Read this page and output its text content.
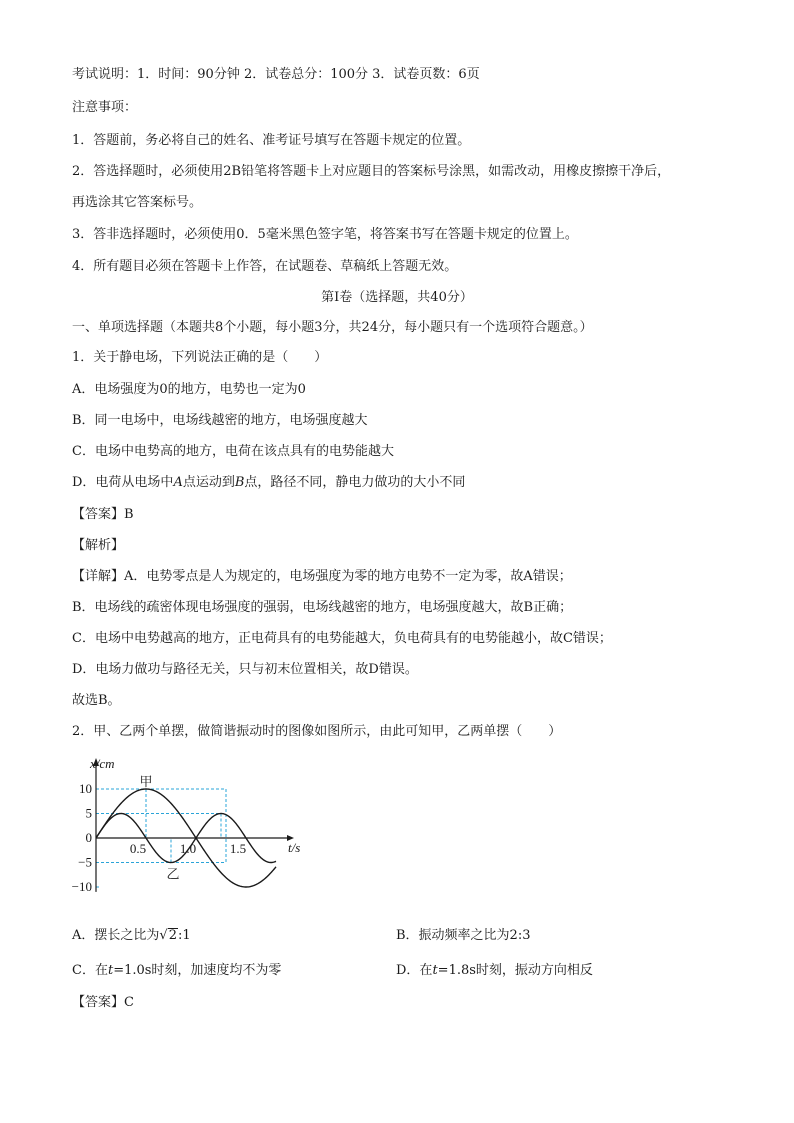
考试说明：1．时间：90分钟 2．试卷总分：100分 3．试卷页数：6页
注意事项：
1．答题前，务必将自己的姓名、准考证号填写在答题卡规定的位置。
2．答选择题时，必须使用2B铅笔将答题卡上对应题目的答案标号涂黑，如需改动，用橡皮擦擦干净后，
再选涂其它答案标号。
3．答非选择题时，必须使用0．5毫米黑色签字笔，将答案书写在答题卡规定的位置上。
4．所有题目必须在答题卡上作答，在试题卷、草稿纸上答题无效。
第Ⅰ卷（选择题，共40分）
一、单项选择题（本题共8个小题，每小题3分，共24分，每小题只有一个选项符合题意。）
1．关于静电场，下列说法正确的是（　　）
A．电场强度为0的地方，电势也一定为0
B．同一电场中，电场线越密的地方，电场强度越大
C．电场中电势高的地方，电荷在该点具有的电势能越大
D．电荷从电场中A点运动到B点，路径不同，静电力做功的大小不同
【答案】B
【解析】
【详解】A．电势零点是人为规定的，电场强度为零的地方电势不一定为零，故A错误；
B．电场线的疏密体现电场强度的强弱，电场线越密的地方，电场强度越大，故B正确；
C．电场中电势越高的地方，正电荷具有的电势能越大，负电荷具有的电势能越小，故C错误；
D．电场力做功与路径无关，只与初末位置相关，故D错误。
故选B。
2．甲、乙两个单摆，做简谐振动时的图像如图所示，由此可知甲，乙两单摆（　　）
x/cm
t/s
10
5
0
−5
−10
0.5	1.0	1.5
甲
乙
A．摆长之比为√2:1	B．振动频率之比为2:3
C．在t=1.0s时刻，加速度均不为零	D．在t=1.8s时刻，振动方向相反
【答案】C
